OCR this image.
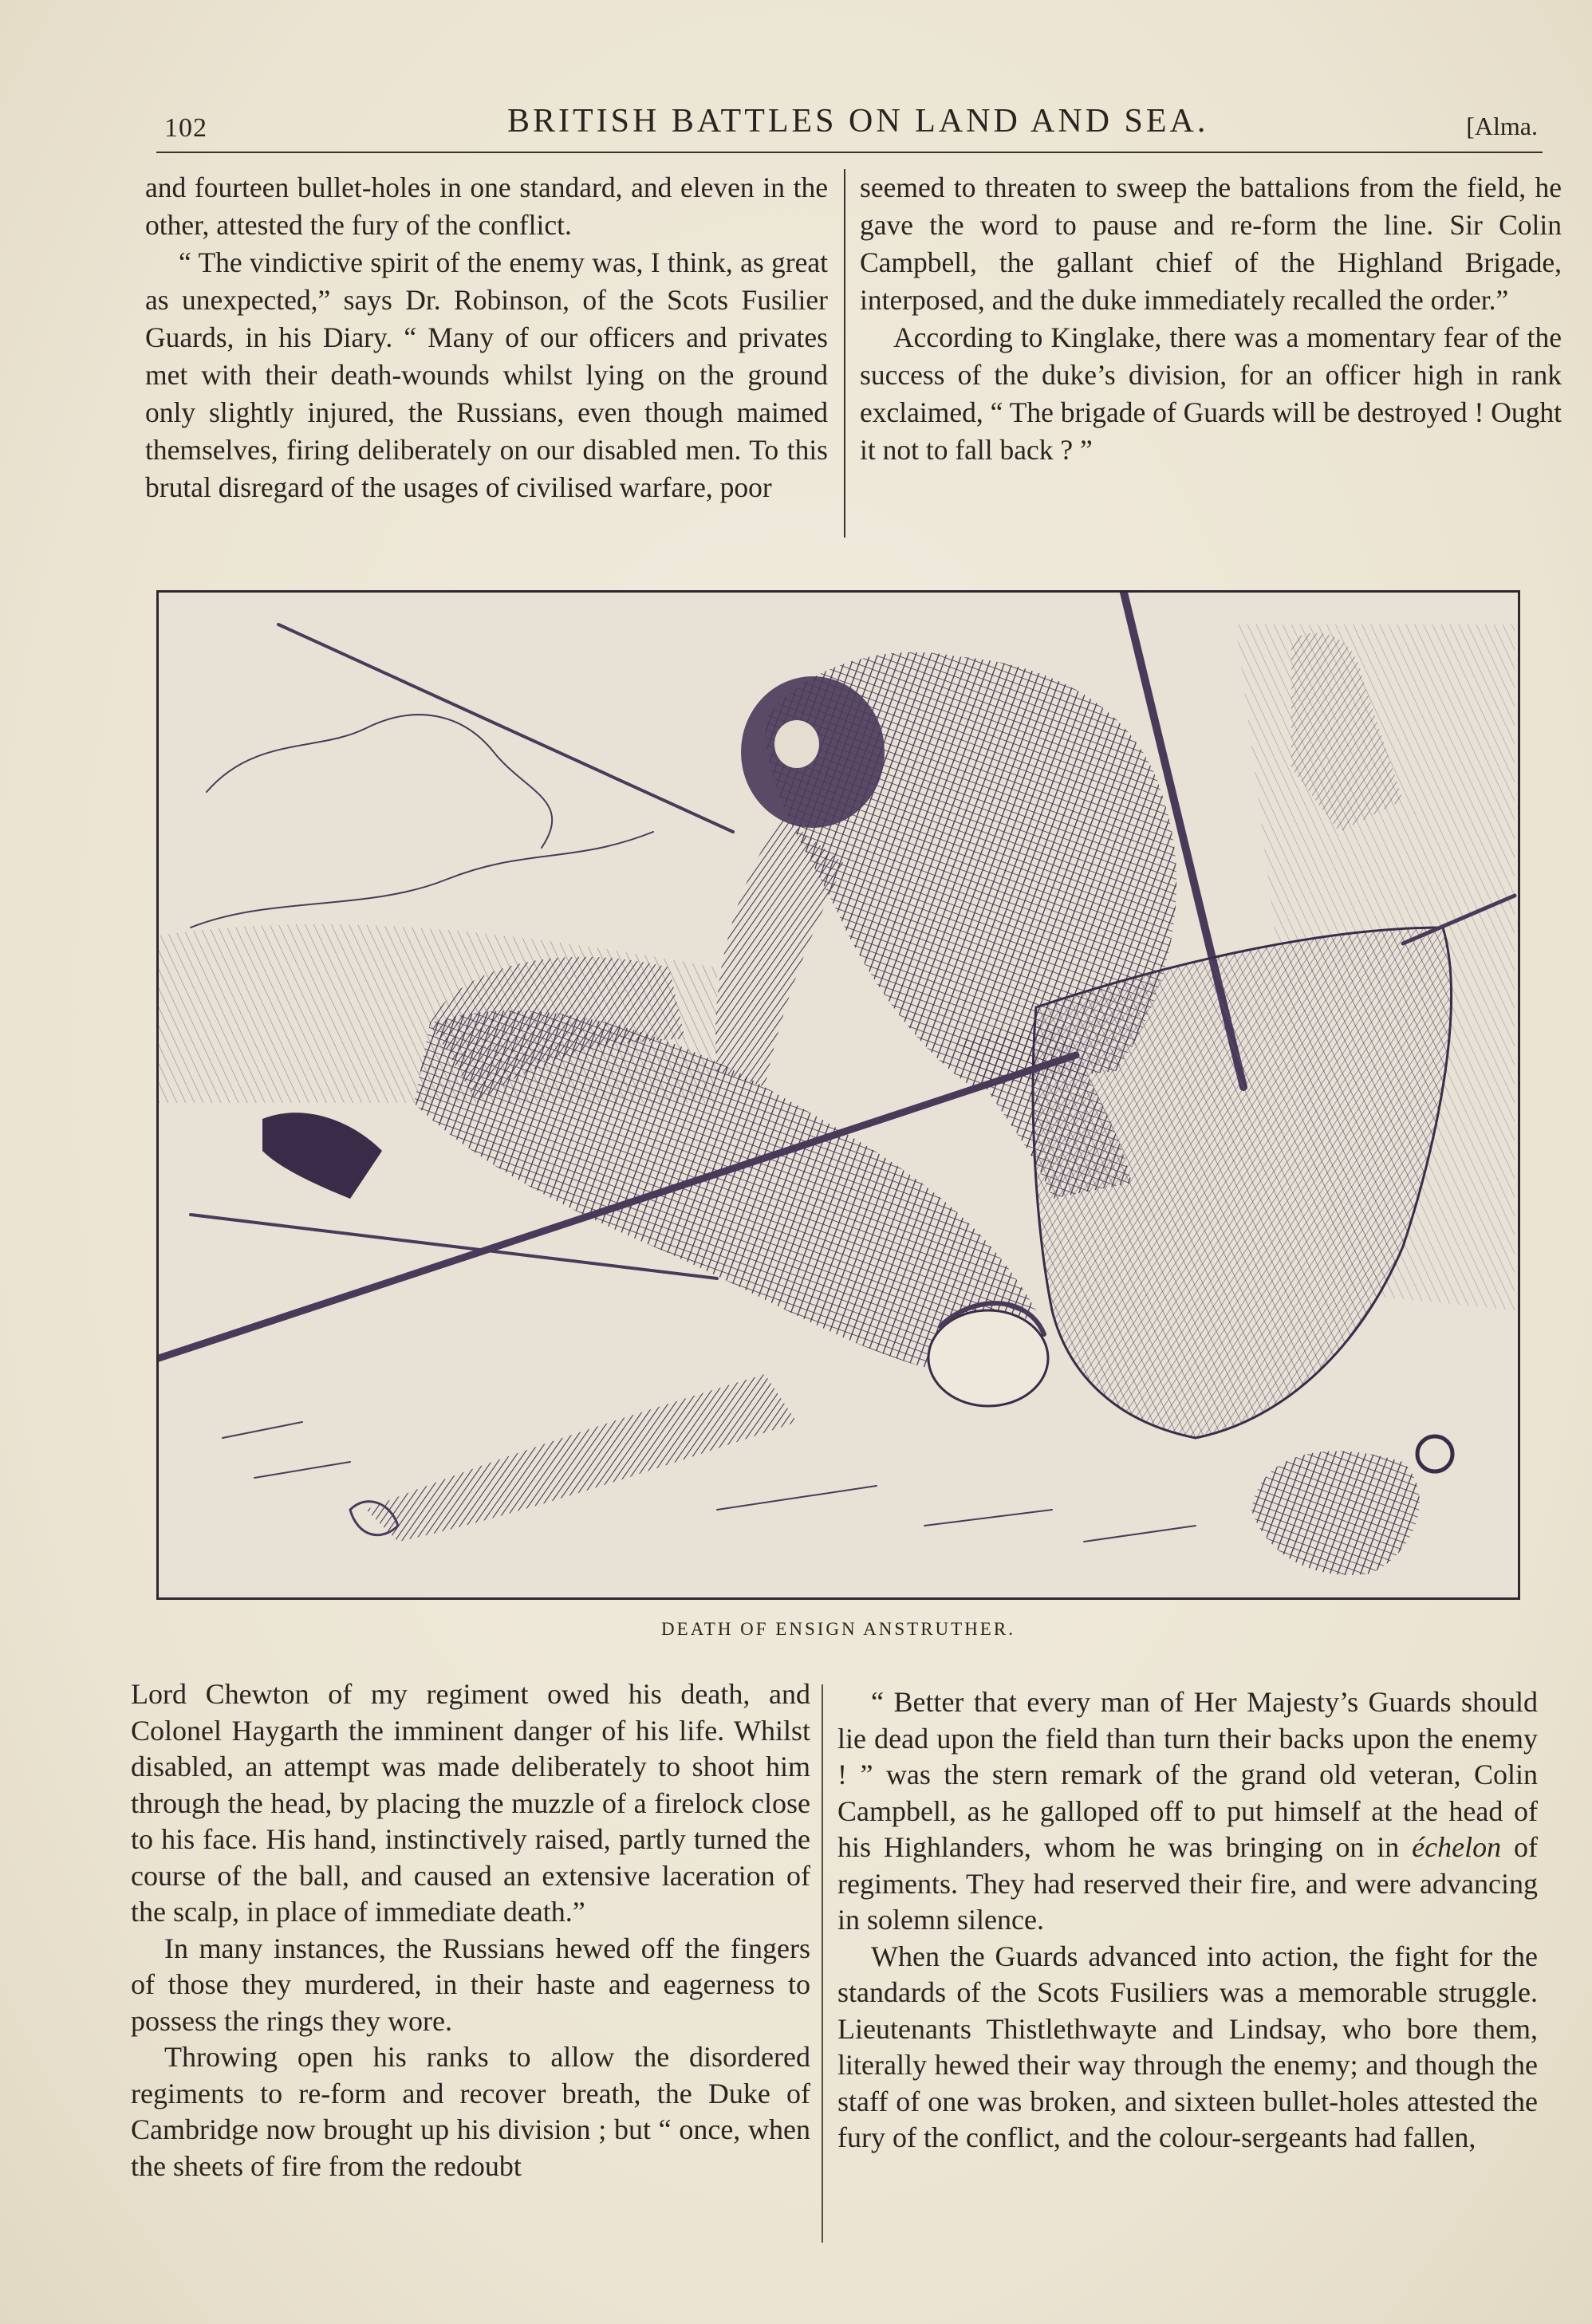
102	BRITISH BATTLES ON LAND AND SEA.	[Alma.

and fourteen bullet-holes in one standard, and eleven in the other, attested the fury of the conflict.

“ The vindictive spirit of the enemy was, I think, as great as unexpected,” says Dr. Robinson, of the Scots Fusilier Guards, in his Diary. “ Many of our officers and privates met with their death-wounds whilst lying on the ground only slightly injured, the Russians, even though maimed themselves, firing deliberately on our disabled men. To this brutal disregard of the usages of civilised warfare, poor

seemed to threaten to sweep the battalions from the field, he gave the word to pause and re-form the line. Sir Colin Campbell, the gallant chief of the Highland Brigade, interposed, and the duke immediately recalled the order.”

According to Kinglake, there was a momentary fear of the success of the duke’s division, for an officer high in rank exclaimed, “ The brigade of Guards will be destroyed ! Ought it not to fall back ? ”

DEATH OF ENSIGN ANSTRUTHER.

Lord Chewton of my regiment owed his death, and Colonel Haygarth the imminent danger of his life. Whilst disabled, an attempt was made deliberately to shoot him through the head, by placing the muzzle of a firelock close to his face. His hand, instinctively raised, partly turned the course of the ball, and caused an extensive laceration of the scalp, in place of immediate death.”

In many instances, the Russians hewed off the fingers of those they murdered, in their haste and eagerness to possess the rings they wore.

Throwing open his ranks to allow the disordered regiments to re-form and recover breath, the Duke of Cambridge now brought up his division ; but “ once, when the sheets of fire from the redoubt

“ Better that every man of Her Majesty’s Guards should lie dead upon the field than turn their backs upon the enemy ! ” was the stern remark of the grand old veteran, Colin Campbell, as he galloped off to put himself at the head of his Highlanders, whom he was bringing on in échelon of regiments. They had reserved their fire, and were advancing in solemn silence.

When the Guards advanced into action, the fight for the standards of the Scots Fusiliers was a memorable struggle. Lieutenants Thistlethwayte and Lindsay, who bore them, literally hewed their way through the enemy; and though the staff of one was broken, and sixteen bullet-holes attested the fury of the conflict, and the colour-sergeants had fallen,
